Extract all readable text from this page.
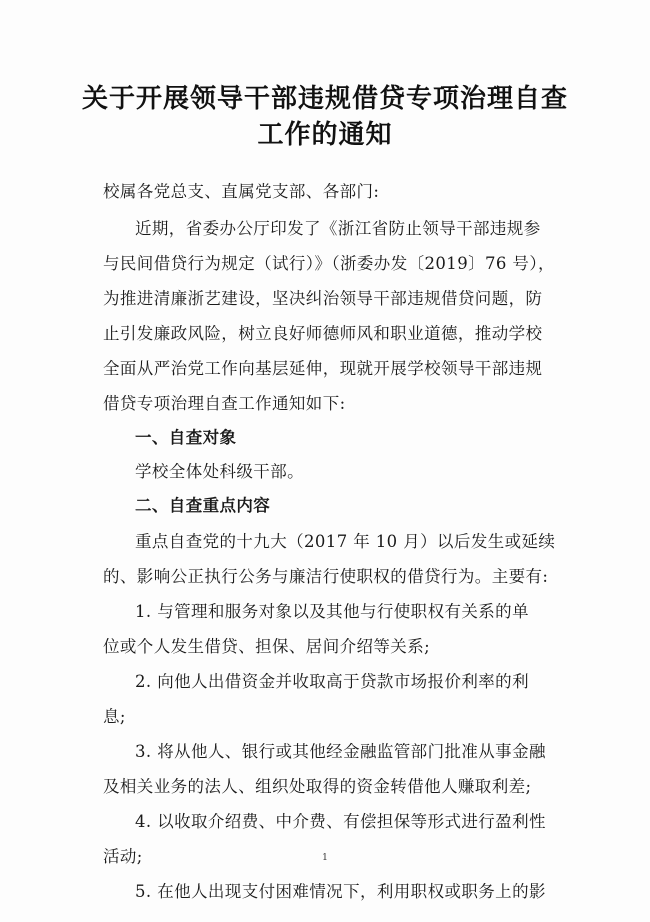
关于开展领导干部违规借贷专项治理自查
工作的通知
校属各党总支、直属党支部、各部门:
近期，省委办公厅印发了《浙江省防止领导干部违规参
与民间借贷行为规定（试行）》（浙委办发〔2019〕76 号），
为推进清廉浙艺建设，坚决纠治领导干部违规借贷问题，防
止引发廉政风险，树立良好师德师风和职业道德，推动学校
全面从严治党工作向基层延伸，现就开展学校领导干部违规
借贷专项治理自查工作通知如下:
一、自查对象
学校全体处科级干部。
二、自查重点内容
重点自查党的十九大（2017 年 10 月）以后发生或延续
的、影响公正执行公务与廉洁行使职权的借贷行为。主要有:
1. 与管理和服务对象以及其他与行使职权有关系的单
位或个人发生借贷、担保、居间介绍等关系;
2. 向他人出借资金并收取高于贷款市场报价利率的利
息;
3. 将从他人、银行或其他经金融监管部门批准从事金融
及相关业务的法人、组织处取得的资金转借他人赚取利差;
4. 以收取介绍费、中介费、有偿担保等形式进行盈利性
活动;
5. 在他人出现支付困难情况下，利用职权或职务上的影
1
